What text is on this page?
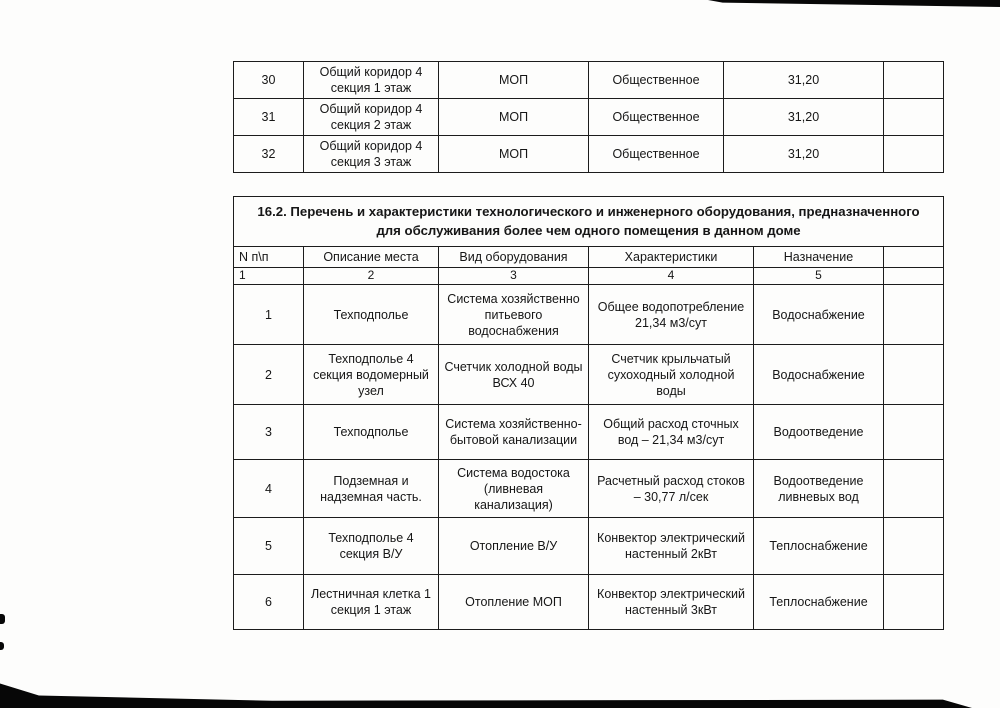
30	Общий коридор 4 секция 1 этаж	МОП	Общественное	31,20	
31	Общий коридор 4 секция 2 этаж	МОП	Общественное	31,20	
32	Общий коридор 4 секция 3 этаж	МОП	Общественное	31,20	
16.2. Перечень и характеристики технологического и инженерного оборудования, предназначенного для обслуживания более чем одного помещения в данном доме					
N п\п	Описание места	Вид оборудования	Характеристики	Назначение	
1	2	3	4	5	
1	Техподполье	Система хозяйственно питьевого водоснабжения	Общее водопотребление 21,34 м3/сут	Водоснабжение	
2	Техподполье 4 секция водомерный узел	Счетчик холодной воды ВСХ 40	Счетчик крыльчатый сухоходный холодной воды	Водоснабжение	
3	Техподполье	Система хозяйственно-бытовой канализации	Общий расход сточных вод – 21,34 м3/сут	Водоотведение	
4	Подземная и надземная часть.	Система водостока (ливневая канализация)	Расчетный расход стоков – 30,77 л/сек	Водоотведение ливневых вод	
5	Техподполье 4 секция В/У	Отопление В/У	Конвектор электрический настенный 2кВт	Теплоснабжение	
6	Лестничная клетка 1 секция 1 этаж	Отопление МОП	Конвектор электрический настенный 3кВт	Теплоснабжение	
